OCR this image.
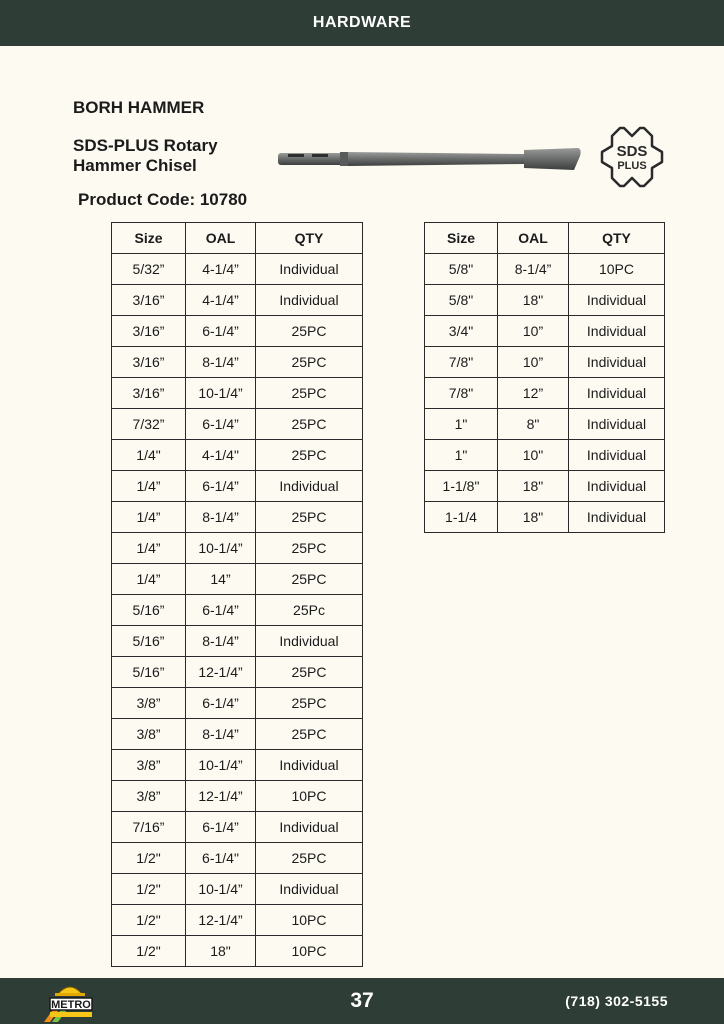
HARDWARE
BORH HAMMER
SDS-PLUS Rotary
Hammer Chisel
Product Code: 10780
SDS
PLUS
Size	OAL	QTY
5/32”	4-1/4”	Individual
3/16”	4-1/4”	Individual
3/16”	6-1/4”	25PC
3/16”	8-1/4”	25PC
3/16”	10-1/4”	25PC
7/32”	6-1/4”	25PC
1/4"	4-1/4"	25PC
1/4”	6-1/4”	Individual
1/4”	8-1/4”	25PC
1/4”	10-1/4”	25PC
1/4”	14”	25PC
5/16”	6-1/4”	25Pc
5/16”	8-1/4”	Individual
5/16”	12-1/4”	25PC
3/8”	6-1/4”	25PC
3/8”	8-1/4”	25PC
3/8”	10-1/4”	Individual
3/8”	12-1/4”	10PC
7/16”	6-1/4”	Individual
1/2"	6-1/4"	25PC
1/2"	10-1/4”	Individual
1/2"	12-1/4”	10PC
1/2"	18"	10PC
Size	OAL	QTY
5/8"	8-1/4”	10PC
5/8"	18"	Individual
3/4"	10”	Individual
7/8"	10”	Individual
7/8"	12”	Individual
1"	8"	Individual
1"	10"	Individual
1-1/8"	18"	Individual
1-1/4	18"	Individual
37	(718) 302-5155
METRO
